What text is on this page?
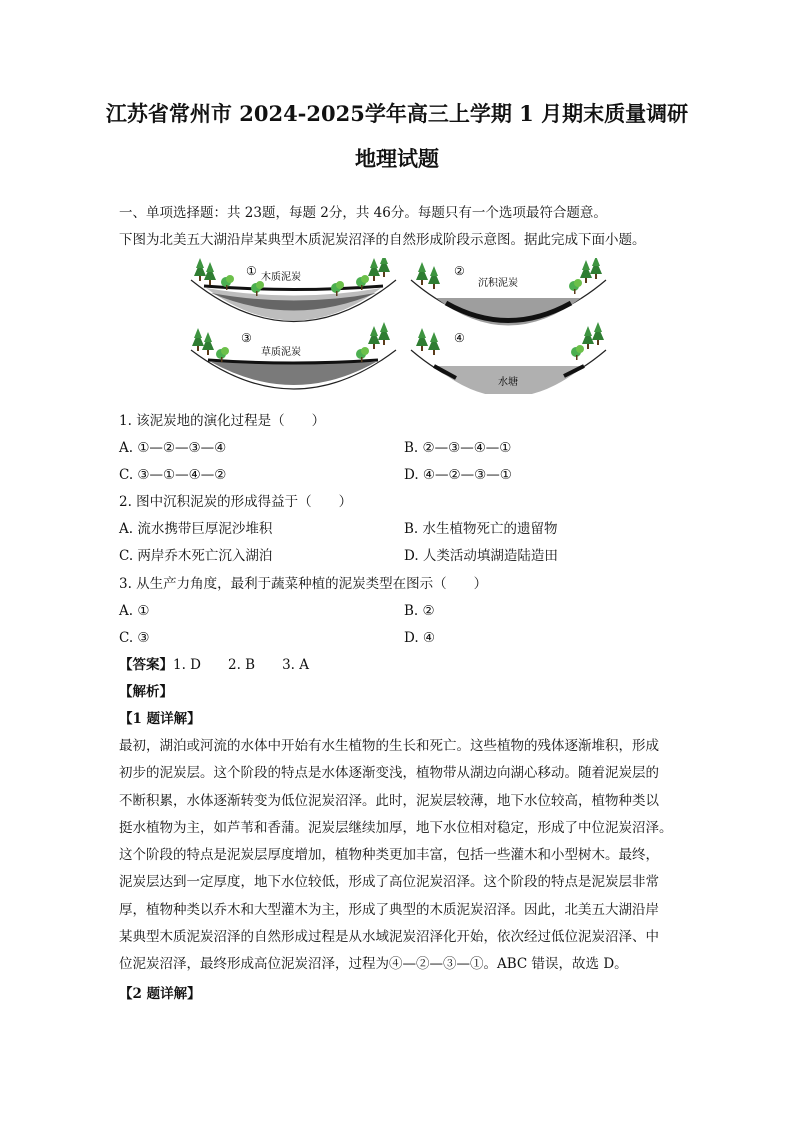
江苏省常州市 2024-2025学年高三上学期 1 月期末质量调研
地理试题
一、单项选择题：共 23题，每题 2分，共 46分。每题只有一个选项最符合题意。
下图为北美五大湖沿岸某典型木质泥炭沼泽的自然形成阶段示意图。据此完成下面小题。
① 木质泥炭	②
沉积泥炭
③
草质泥炭
④
水塘
1. 该泥炭地的演化过程是（　　）
A. ①—②—③—④	B. ②—③—④—①
C. ③—①—④—②	D. ④—②—③—①
2. 图中沉积泥炭的形成得益于（　　）
A. 流水携带巨厚泥沙堆积	B. 水生植物死亡的遗留物
C. 两岸乔木死亡沉入湖泊	D. 人类活动填湖造陆造田
3. 从生产力角度，最利于蔬菜种植的泥炭类型在图示（　　）
A. ①	B. ②
C. ③	D. ④
【答案】1. D　　2. B　　3. A
【解析】
【1 题详解】
最初，湖泊或河流的水体中开始有水生植物的生长和死亡。这些植物的残体逐渐堆积，形成
初步的泥炭层。这个阶段的特点是水体逐渐变浅，植物带从湖边向湖心移动。随着泥炭层的
不断积累，水体逐渐转变为低位泥炭沼泽。此时，泥炭层较薄，地下水位较高，植物种类以
挺水植物为主，如芦苇和香蒲。泥炭层继续加厚，地下水位相对稳定，形成了中位泥炭沼泽。
这个阶段的特点是泥炭层厚度增加，植物种类更加丰富，包括一些灌木和小型树木。最终，
泥炭层达到一定厚度，地下水位较低，形成了高位泥炭沼泽。这个阶段的特点是泥炭层非常
厚，植物种类以乔木和大型灌木为主，形成了典型的木质泥炭沼泽。因此，北美五大湖沿岸
某典型木质泥炭沼泽的自然形成过程是从水域泥炭沼泽化开始，依次经过低位泥炭沼泽、中
位泥炭沼泽，最终形成高位泥炭沼泽，过程为④—②—③—①。ABC 错误，故选 D。
【2 题详解】
